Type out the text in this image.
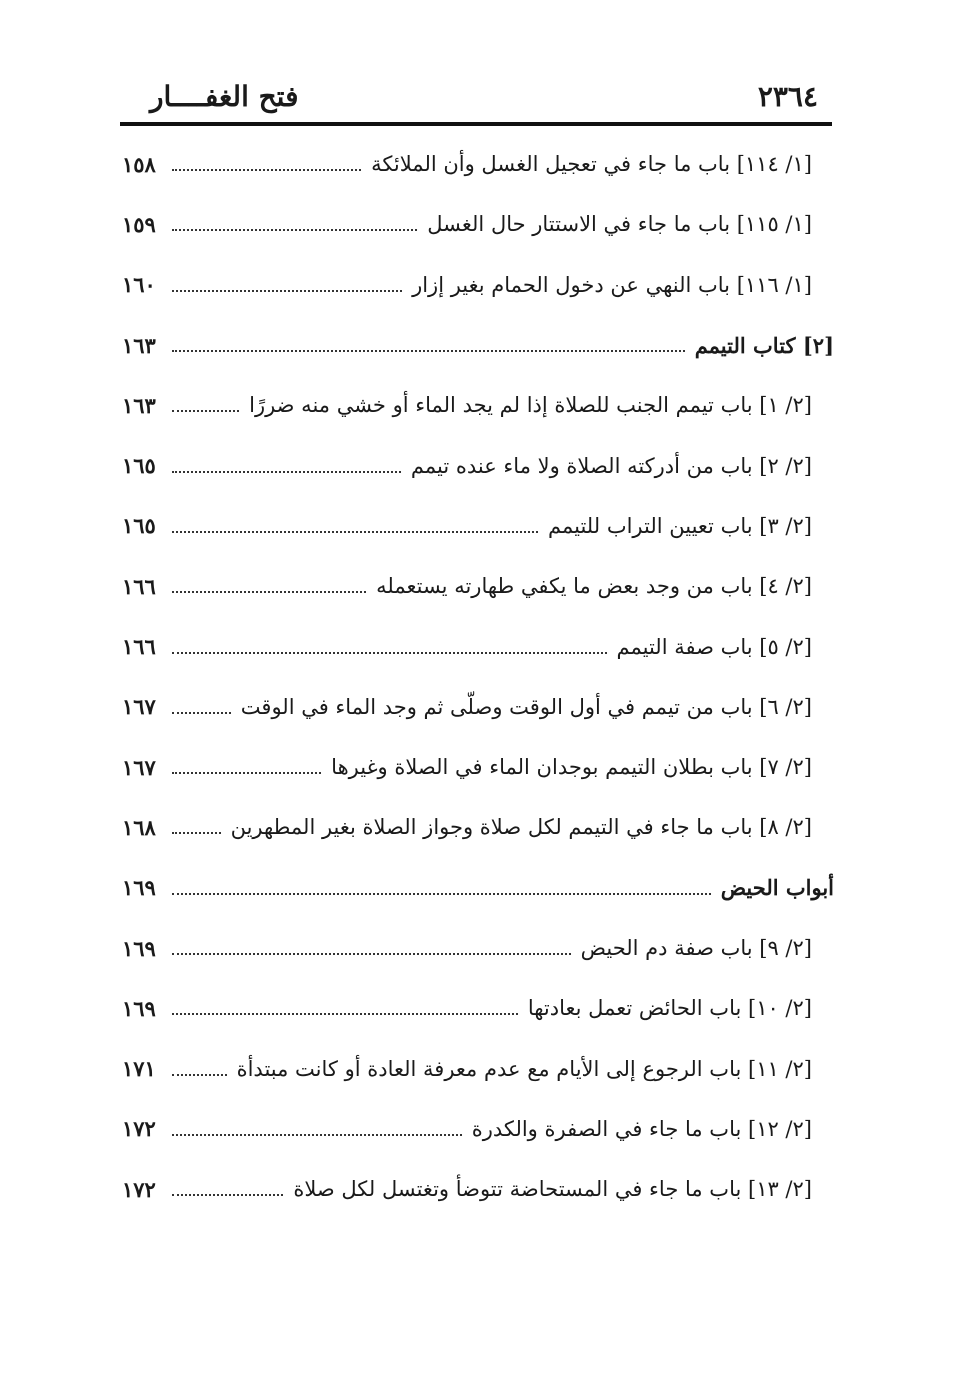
٢٣٦٤
فتح الغفــــار
[١/ ١١٤] باب ما جاء في تعجيل الغسل وأن الملائكة
١٥٨
[١/ ١١٥] باب ما جاء في الاستتار حال الغسل
١٥٩
[١/ ١١٦] باب النهي عن دخول الحمام بغير إزار
١٦٠
[٢] كتاب التيمم
١٦٣
[٢/ ١] باب تيمم الجنب للصلاة إذا لم يجد الماء أو خشي منه ضررًا
١٦٣
[٢/ ٢] باب من أدركته الصلاة ولا ماء عنده تيمم
١٦٥
[٢/ ٣] باب تعيين التراب للتيمم
١٦٥
[٢/ ٤] باب من وجد بعض ما يكفي طهارته يستعمله
١٦٦
[٢/ ٥] باب صفة التيمم
١٦٦
[٢/ ٦] باب من تيمم في أول الوقت وصلّى ثم وجد الماء في الوقت
١٦٧
[٢/ ٧] باب بطلان التيمم بوجدان الماء في الصلاة وغيرها
١٦٧
[٢/ ٨] باب ما جاء في التيمم لكل صلاة وجواز الصلاة بغير المطهرين
١٦٨
أبواب الحيض
١٦٩
[٢/ ٩] باب صفة دم الحيض
١٦٩
[٢/ ١٠] باب الحائض تعمل بعادتها
١٦٩
[٢/ ١١] باب الرجوع إلى الأيام مع عدم معرفة العادة أو كانت مبتدأة
١٧١
[٢/ ١٢] باب ما جاء في الصفرة والكدرة
١٧٢
[٢/ ١٣] باب ما جاء في المستحاضة تتوضأ وتغتسل لكل صلاة
١٧٢
